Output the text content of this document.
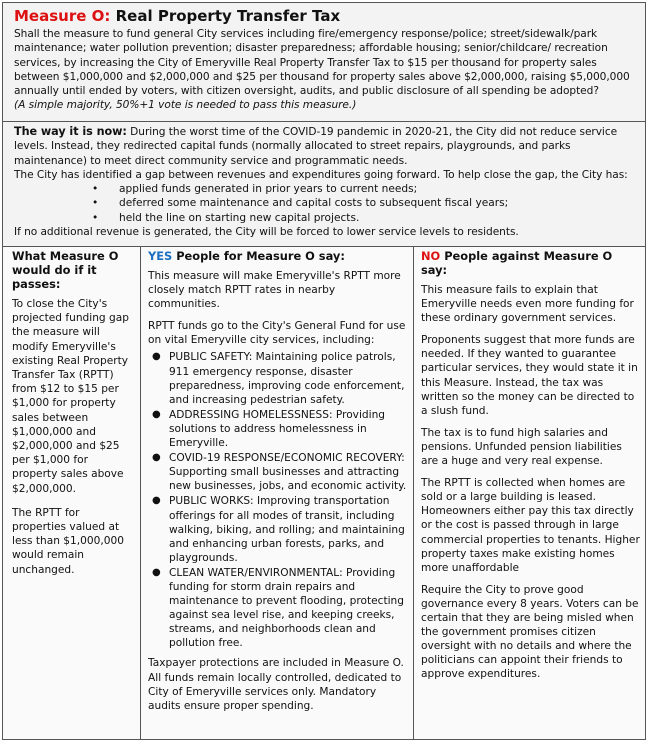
Measure O: Real Property Transfer Tax

Shall the measure to fund general City services including fire/emergency response/police; street/sidewalk/park maintenance; water pollution prevention; disaster preparedness; affordable housing; senior/childcare/ recreation services, by increasing the City of Emeryville Real Property Transfer Tax to $15 per thousand for property sales between $1,000,000 and $2,000,000 and $25 per thousand for property sales above $2,000,000, raising $5,000,000 annually until ended by voters, with citizen oversight, audits, and public disclosure of all spending be adopted?

(A simple majority, 50%+1 vote is needed to pass this measure.)

The way it is now: During the worst time of the COVID-19 pandemic in 2020-21, the City did not reduce service levels. Instead, they redirected capital funds (normally allocated to street repairs, playgrounds, and parks maintenance) to meet direct community service and programmatic needs.

The City has identified a gap between revenues and expenditures going forward. To help close the gap, the City has:

• applied funds generated in prior years to current needs;
• deferred some maintenance and capital costs to subsequent fiscal years;
• held the line on starting new capital projects.

If no additional revenue is generated, the City will be forced to lower service levels to residents.

What Measure O would do if it passes:

To close the City's projected funding gap the measure will modify Emeryville's existing Real Property Transfer Tax (RPTT) from $12 to $15 per $1,000 for property sales between $1,000,000 and $2,000,000 and $25 per $1,000 for property sales above $2,000,000.

The RPTT for properties valued at less than $1,000,000 would remain unchanged.

YES People for Measure O say:

This measure will make Emeryville's RPTT more closely match RPTT rates in nearby communities.

RPTT funds go to the City's General Fund for use on vital Emeryville city services, including:

● PUBLIC SAFETY: Maintaining police patrols, 911 emergency response, disaster preparedness, improving code enforcement, and increasing pedestrian safety.
● ADDRESSING HOMELESSNESS: Providing solutions to address homelessness in Emeryville.
● COVID-19 RESPONSE/ECONOMIC RECOVERY: Supporting small businesses and attracting new businesses, jobs, and economic activity.
● PUBLIC WORKS: Improving transportation offerings for all modes of transit, including walking, biking, and rolling; and maintaining and enhancing urban forests, parks, and playgrounds.
● CLEAN WATER/ENVIRONMENTAL: Providing funding for storm drain repairs and maintenance to prevent flooding, protecting against sea level rise, and keeping creeks, streams, and neighborhoods clean and pollution free.

Taxpayer protections are included in Measure O. All funds remain locally controlled, dedicated to City of Emeryville services only. Mandatory audits ensure proper spending.

NO People against Measure O say:

This measure fails to explain that Emeryville needs even more funding for these ordinary government services.

Proponents suggest that more funds are needed. If they wanted to guarantee particular services, they would state it in this Measure. Instead, the tax was written so the money can be directed to a slush fund.

The tax is to fund high salaries and pensions. Unfunded pension liabilities are a huge and very real expense.

The RPTT is collected when homes are sold or a large building is leased. Homeowners either pay this tax directly or the cost is passed through in large commercial properties to tenants. Higher property taxes make existing homes more unaffordable

Require the City to prove good governance every 8 years. Voters can be certain that they are being misled when the government promises citizen oversight with no details and where the politicians can appoint their friends to approve expenditures.
